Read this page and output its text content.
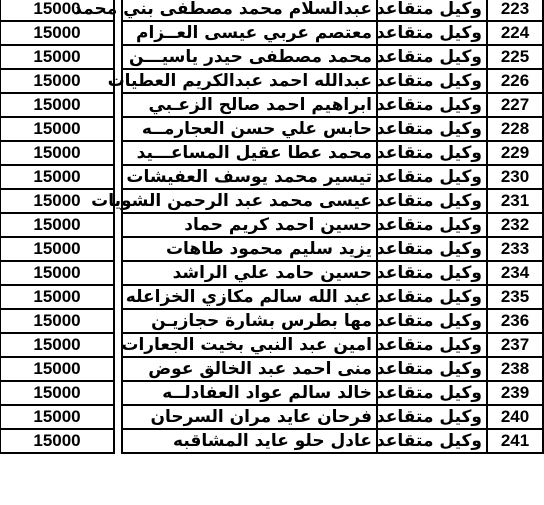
15000		عبدالسلام محمد مصطفى بني محمد	وكيل متقاعد	223
15000		معتصم عربي عيسى العــزام	وكيل متقاعد	224
15000		محمد مصطفى حيدر ياسيـــن	وكيل متقاعد	225
15000		عبدالله احمد عبدالكريم العطيات	وكيل متقاعد	226
15000		ابراهيم احمد صالح الزعـبي	وكيل متقاعد	227
15000		حابس علي حسن العجارمــه	وكيل متقاعد	228
15000		محمد عطا عقيل المساعـــيد	وكيل متقاعد	229
15000		تيسير محمد يوسف العفيشات	وكيل متقاعد	230
15000		عيسى محمد عبد الرحمن الشويات	وكيل متقاعد	231
15000		حسين احمد كريم حماد	وكيل متقاعد	232
15000		يزيد سليم محمود طاهات	وكيل متقاعد	233
15000		حسين حامد علي الراشد	وكيل متقاعد	234
15000		عبد الله سالم مكازي الخزاعله	وكيل متقاعد	235
15000		مها بطرس بشارة حجازيـن	وكيل متقاعد	236
15000		امين عبد النبي بخيت الجعارات	وكيل متقاعد	237
15000		منى احمد عبد الخالق عوض	وكيل متقاعد	238
15000		خالد سالم عواد العفادلــه	وكيل متقاعد	239
15000		فرحان عايد مران السرحان	وكيل متقاعد	240
15000		عادل حلو عايد المشاقبه	وكيل متقاعد	241
